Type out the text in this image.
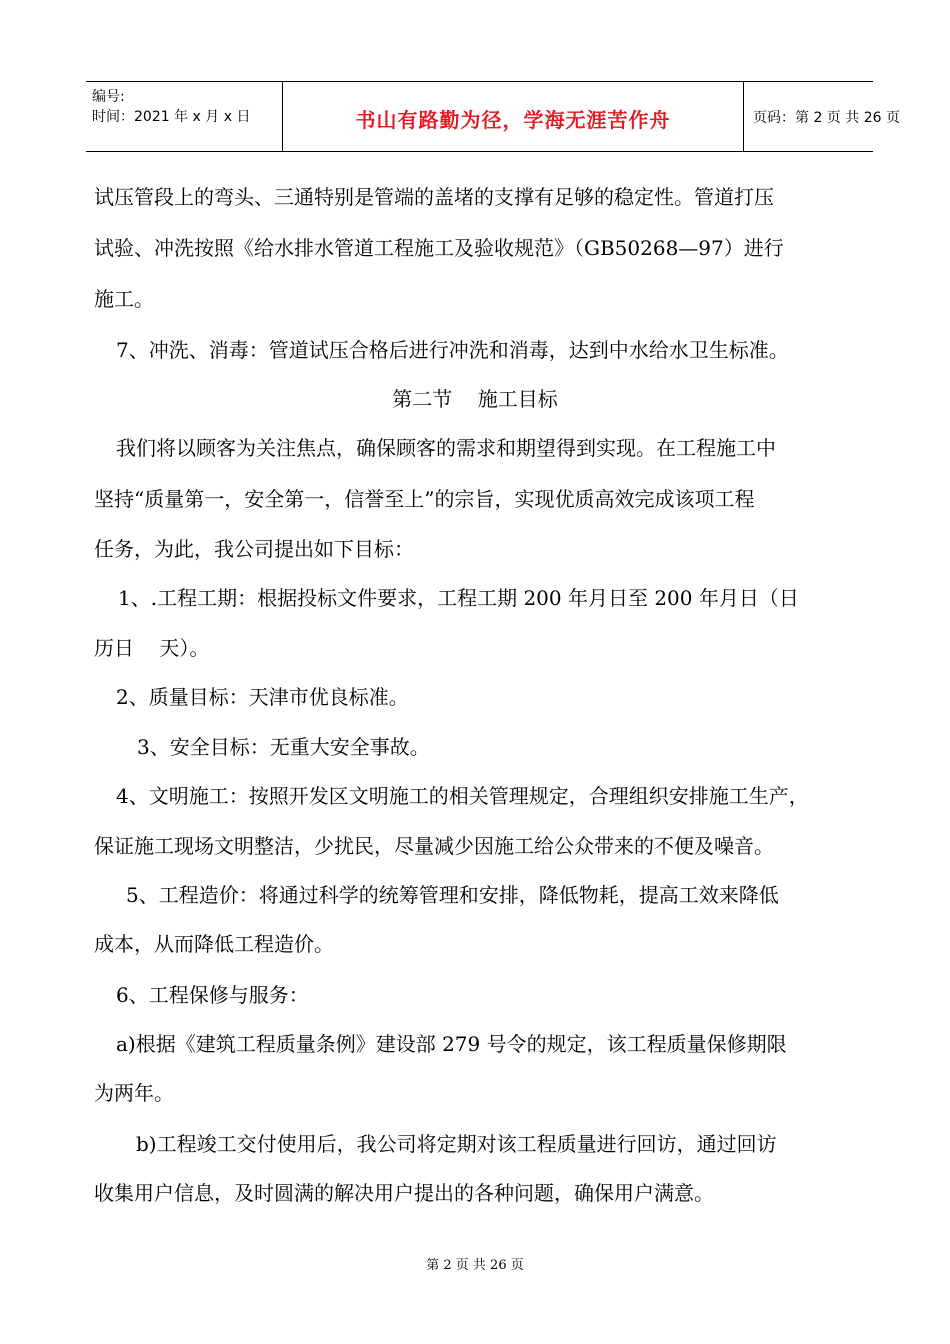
编号:
时间：2021 年 x 月 x 日	书山有路勤为径，学海无涯苦作舟	页码：第 2 页 共 26 页
试压管段上的弯头、三通特别是管端的盖堵的支撑有足够的稳定性。管道打压
试验、冲洗按照《给水排水管道工程施工及验收规范》（GB50268—97）进行
施工。
7、冲洗、消毒：管道试压合格后进行冲洗和消毒，达到中水给水卫生标准。
第二节    施工目标
我们将以顾客为关注焦点，确保顾客的需求和期望得到实现。在工程施工中
坚持“质量第一，安全第一，信誉至上”的宗旨，实现优质高效完成该项工程
任务，为此，我公司提出如下目标：
1、.工程工期：根据投标文件要求，工程工期 200 年月日至 200 年月日（日
历日    天）。
2、质量目标：天津市优良标准。
3、安全目标：无重大安全事故。
4、文明施工：按照开发区文明施工的相关管理规定，合理组织安排施工生产，
保证施工现场文明整洁，少扰民，尽量减少因施工给公众带来的不便及噪音。
5、工程造价：将通过科学的统筹管理和安排，降低物耗，提高工效来降低
成本，从而降低工程造价。
6、工程保修与服务：
a)根据《建筑工程质量条例》建设部 279 号令的规定，该工程质量保修期限
为两年。
b)工程竣工交付使用后，我公司将定期对该工程质量进行回访，通过回访
收集用户信息，及时圆满的解决用户提出的各种问题，确保用户满意。
第 2 页 共 26 页
